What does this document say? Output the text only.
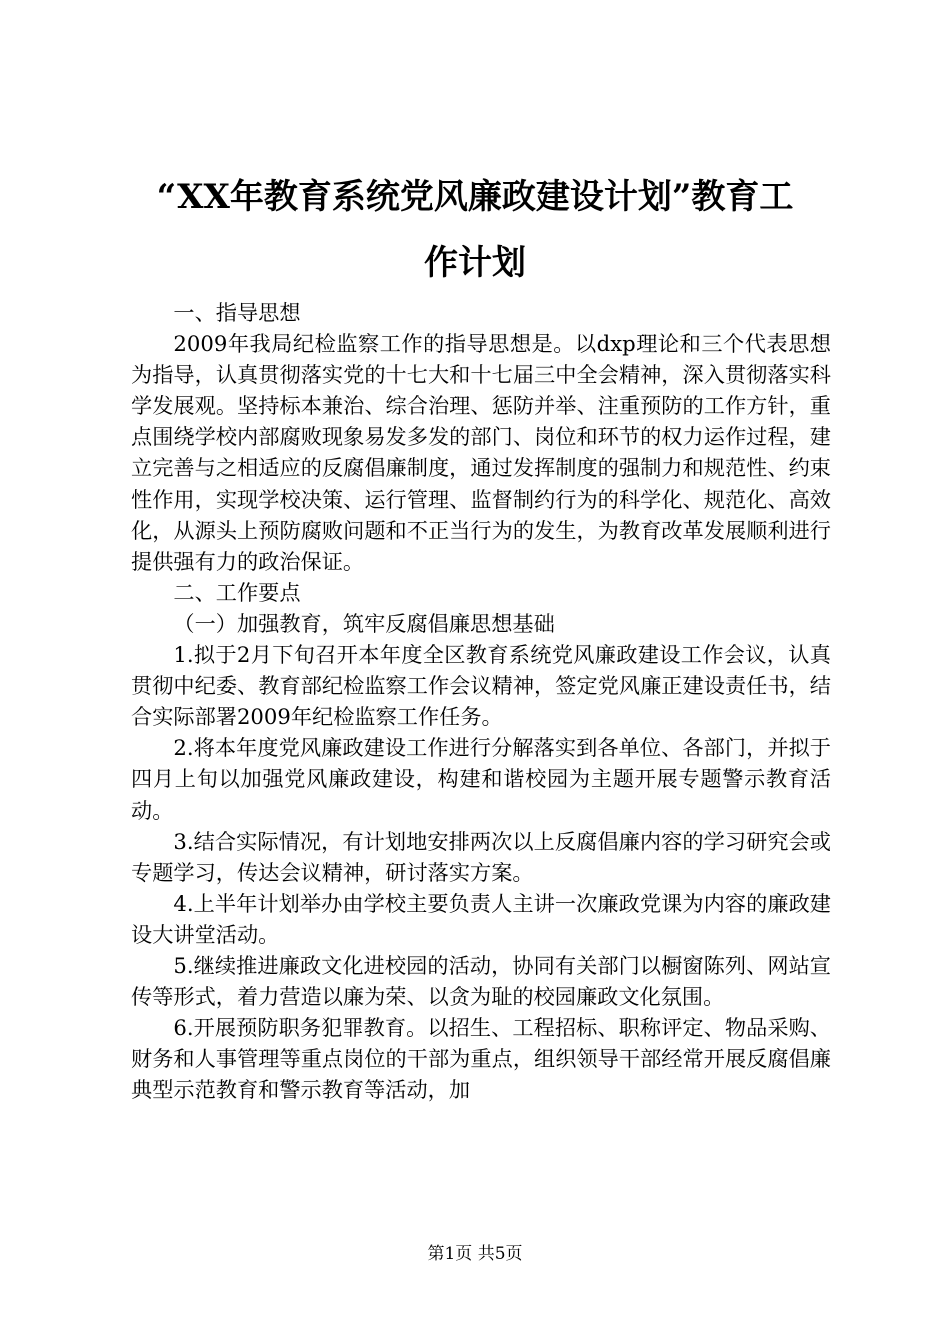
“XX年教育系统党风廉政建设计划”教育工
作计划

一、指导思想

2009年我局纪检监察工作的指导思想是。以dxp理论和三个代表思想为指导，认真贯彻落实党的十七大和十七届三中全会精神，深入贯彻落实科学发展观。坚持标本兼治、综合治理、惩防并举、注重预防的工作方针，重点围绕学校内部腐败现象易发多发的部门、岗位和环节的权力运作过程，建立完善与之相适应的反腐倡廉制度，通过发挥制度的强制力和规范性、约束性作用，实现学校决策、运行管理、监督制约行为的科学化、规范化、高效化，从源头上预防腐败问题和不正当行为的发生，为教育改革发展顺利进行提供强有力的政治保证。

二、工作要点

（一）加强教育，筑牢反腐倡廉思想基础

1.拟于2月下旬召开本年度全区教育系统党风廉政建设工作会议，认真贯彻中纪委、教育部纪检监察工作会议精神，签定党风廉正建设责任书，结合实际部署2009年纪检监察工作任务。

2.将本年度党风廉政建设工作进行分解落实到各单位、各部门，并拟于四月上旬以加强党风廉政建设，构建和谐校园为主题开展专题警示教育活动。

3.结合实际情况，有计划地安排两次以上反腐倡廉内容的学习研究会或专题学习，传达会议精神，研讨落实方案。

4.上半年计划举办由学校主要负责人主讲一次廉政党课为内容的廉政建设大讲堂活动。

5.继续推进廉政文化进校园的活动，协同有关部门以橱窗陈列、网站宣传等形式，着力营造以廉为荣、以贪为耻的校园廉政文化氛围。

6.开展预防职务犯罪教育。以招生、工程招标、职称评定、物品采购、财务和人事管理等重点岗位的干部为重点，组织领导干部经常开展反腐倡廉典型示范教育和警示教育等活动，加

第1页 共5页
